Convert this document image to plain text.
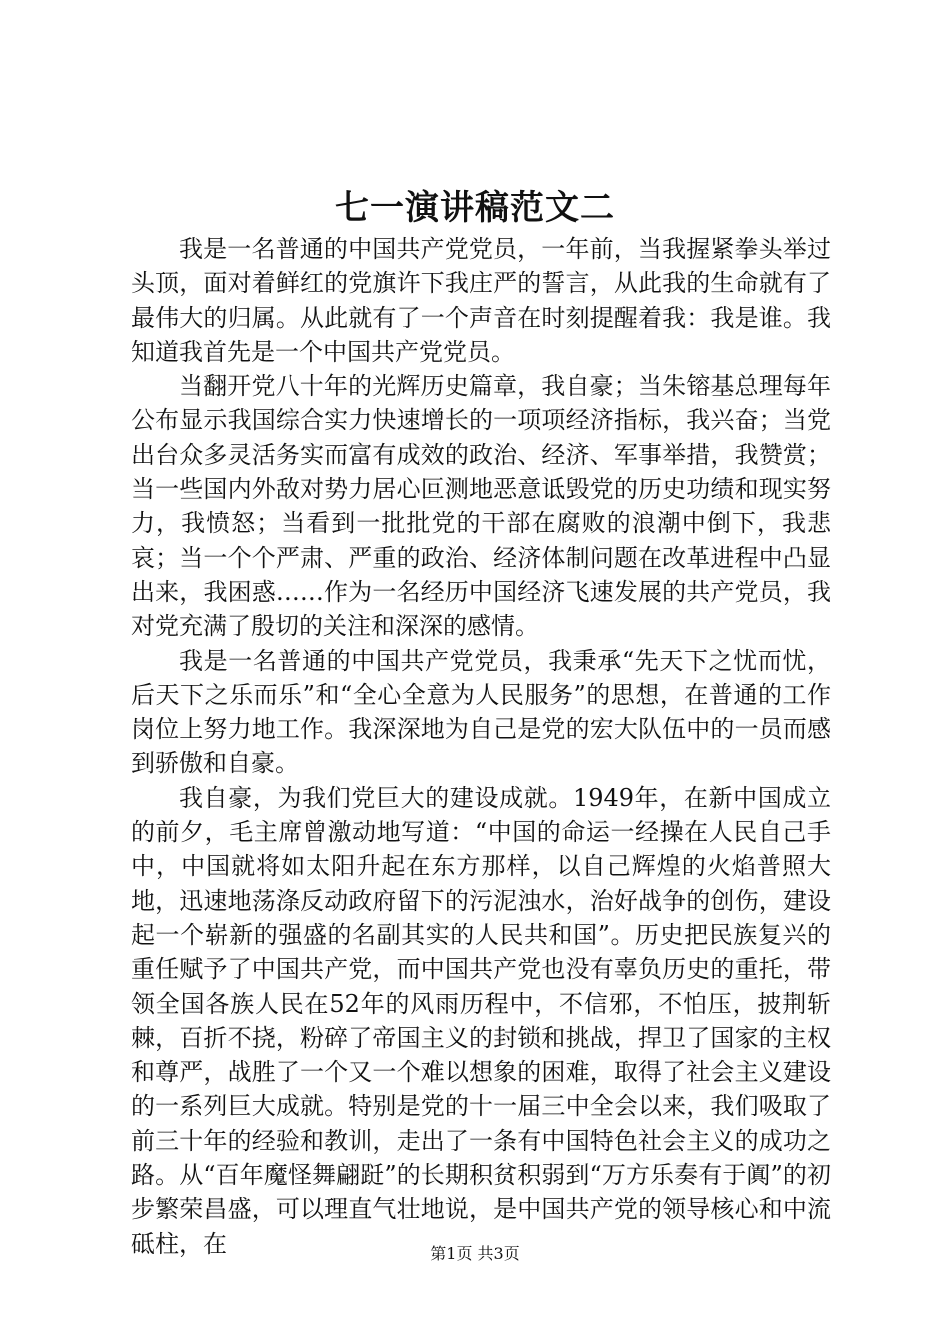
七一演讲稿范文二

我是一名普通的中国共产党党员，一年前，当我握紧拳头举过头顶，面对着鲜红的党旗许下我庄严的誓言，从此我的生命就有了最伟大的归属。从此就有了一个声音在时刻提醒着我：我是谁。我知道我首先是一个中国共产党党员。

当翻开党八十年的光辉历史篇章，我自豪；当朱镕基总理每年公布显示我国综合实力快速增长的一项项经济指标，我兴奋；当党出台众多灵活务实而富有成效的政治、经济、军事举措，我赞赏；当一些国内外敌对势力居心叵测地恶意诋毁党的历史功绩和现实努力，我愤怒；当看到一批批党的干部在腐败的浪潮中倒下，我悲哀；当一个个严肃、严重的政治、经济体制问题在改革进程中凸显出来，我困惑……作为一名经历中国经济飞速发展的共产党员，我对党充满了殷切的关注和深深的感情。

我是一名普通的中国共产党党员，我秉承“先天下之忧而忧，后天下之乐而乐”和“全心全意为人民服务”的思想，在普通的工作岗位上努力地工作。我深深地为自己是党的宏大队伍中的一员而感到骄傲和自豪。

我自豪，为我们党巨大的建设成就。1949年，在新中国成立的前夕，毛主席曾激动地写道：“中国的命运一经操在人民自己手中，中国就将如太阳升起在东方那样，以自己辉煌的火焰普照大地，迅速地荡涤反动政府留下的污泥浊水，治好战争的创伤，建设起一个崭新的强盛的名副其实的人民共和国”。历史把民族复兴的重任赋予了中国共产党，而中国共产党也没有辜负历史的重托，带领全国各族人民在52年的风雨历程中，不信邪，不怕压，披荆斩棘，百折不挠，粉碎了帝国主义的封锁和挑战，捍卫了国家的主权和尊严，战胜了一个又一个难以想象的困难，取得了社会主义建设的一系列巨大成就。特别是党的十一届三中全会以来，我们吸取了前三十年的经验和教训，走出了一条有中国特色社会主义的成功之路。从“百年魔怪舞翩跹”的长期积贫积弱到“万方乐奏有于阗”的初步繁荣昌盛，可以理直气壮地说，是中国共产党的领导核心和中流砥柱，在	第1页 共3页
